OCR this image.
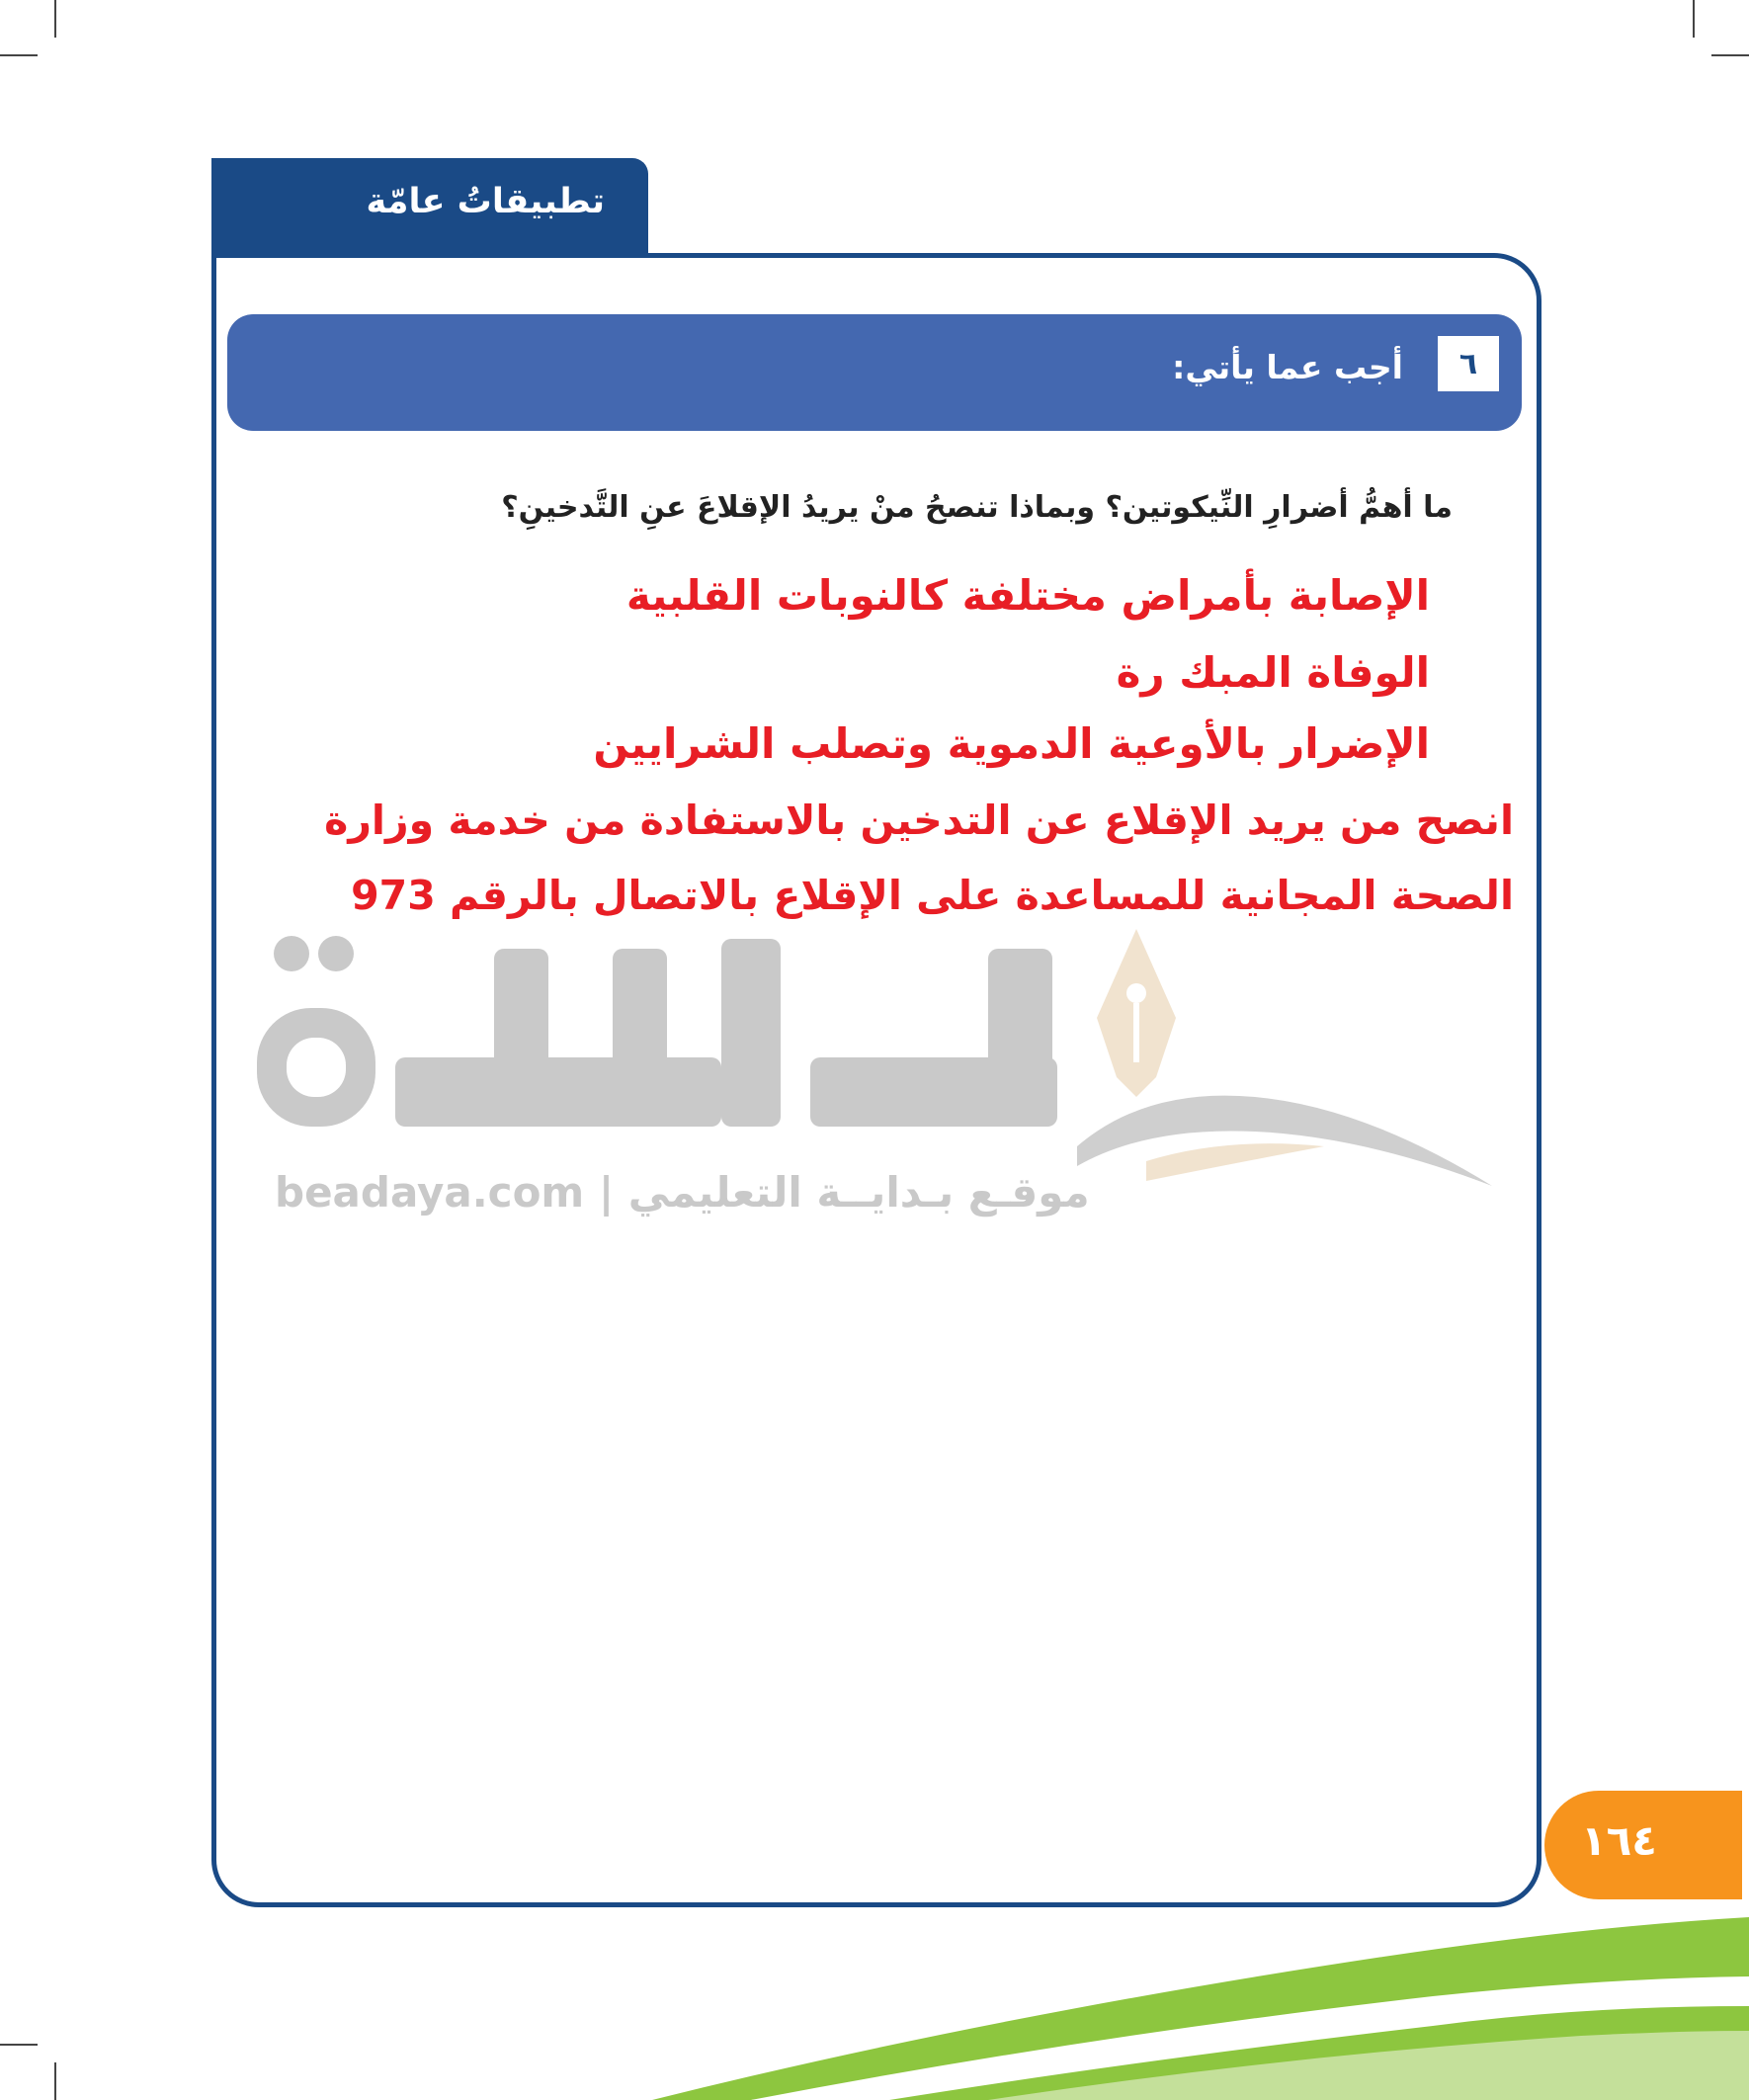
تطبيقاتُ عامّة
٦
أجب عما يأتي:
ما أهمُّ أضرارِ النِّيكوتين؟ وبماذا تنصحُ منْ يريدُ الإقلاعَ عنِ التَّدخينِ؟
الإصابة بأمراض مختلفة كالنوبات القلبية
الوفاة المبك رة
الإضرار بالأوعية الدموية وتصلب الشرايين
انصح من يريد الإقلاع عن التدخين بالاستفادة من خدمة وزارة
الصحة المجانية للمساعدة على الإقلاع بالاتصال بالرقم 973
beadaya.com | موقـع بـدايــة التعليمي
١٦٤
